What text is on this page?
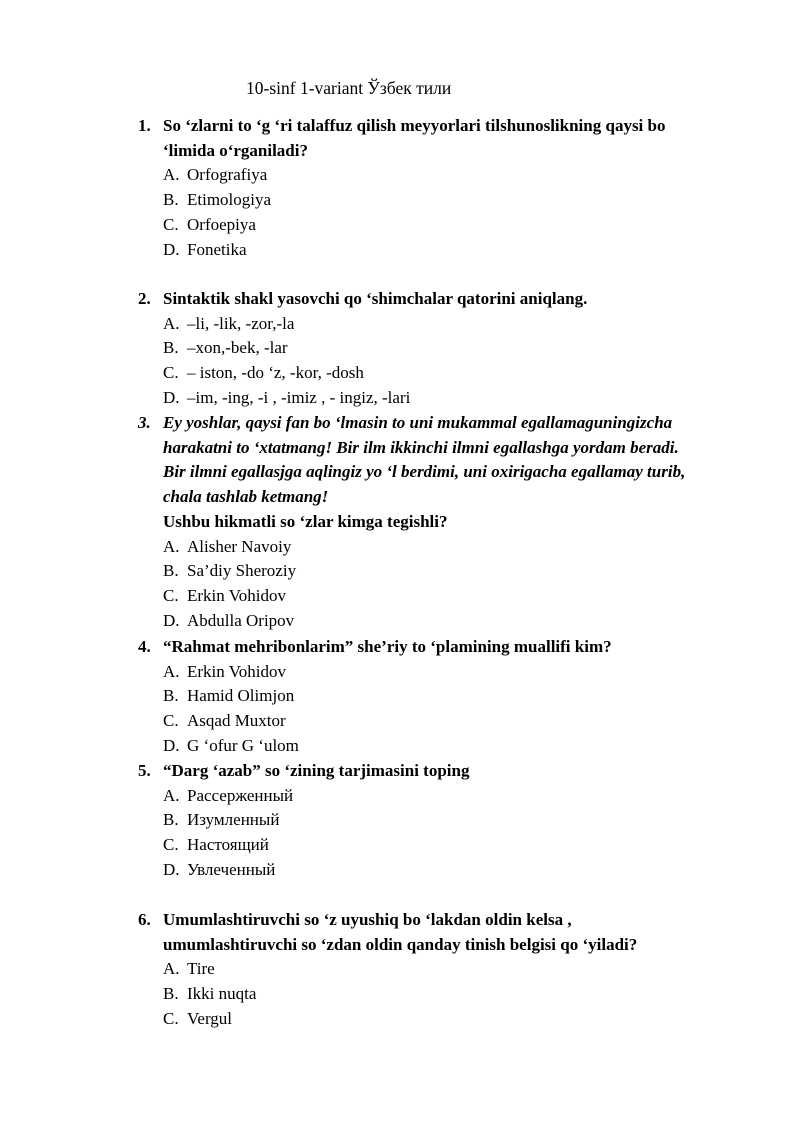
10-sinf 1-variant Ўзбек тили
1. So ‘zlarni to ‘g ‘ri talaffuz qilish meyyorlari tilshunoslikning qaysi bo
‘limida o‘rganiladi?
A. Orfografiya
B. Etimologiya
C. Orfoepiya
D. Fonetika
2. Sintaktik shakl yasovchi qo ‘shimchalar qatorini aniqlang.
A. –li, -lik, -zor,-la
B. –xon,-bek, -lar
C. – iston, -do ‘z, -kor, -dosh
D. –im, -ing, -i , -imiz , - ingiz, -lari
3. Ey yoshlar, qaysi fan bo ‘lmasin to uni mukammal egallamaguningizcha
harakatni to ‘xtatmang! Bir ilm ikkinchi ilmni egallashga yordam beradi.
Bir ilmni egallasjga aqlingiz yo ‘l berdimi, uni oxirigacha egallamay turib,
chala tashlab ketmang!
Ushbu hikmatli so ‘zlar kimga tegishli?
A. Alisher Navoiy
B. Sa’diy Sheroziy
C. Erkin Vohidov
D. Abdulla Oripov
4. “Rahmat mehribonlarim” she’riy to ‘plamining muallifi kim?
A. Erkin Vohidov
B. Hamid Olimjon
C. Asqad Muxtor
D. G ‘ofur G ‘ulom
5. “Darg ‘azab” so ‘zining tarjimasini toping
A. Рассерженный
B. Изумленный
C. Настоящий
D. Увлеченный
6. Umumlashtiruvchi so ‘z uyushiq bo ‘lakdan oldin kelsa ,
umumlashtiruvchi so ‘zdan oldin qanday tinish belgisi qo ‘yiladi?
A. Tire
B. Ikki nuqta
C. Vergul
